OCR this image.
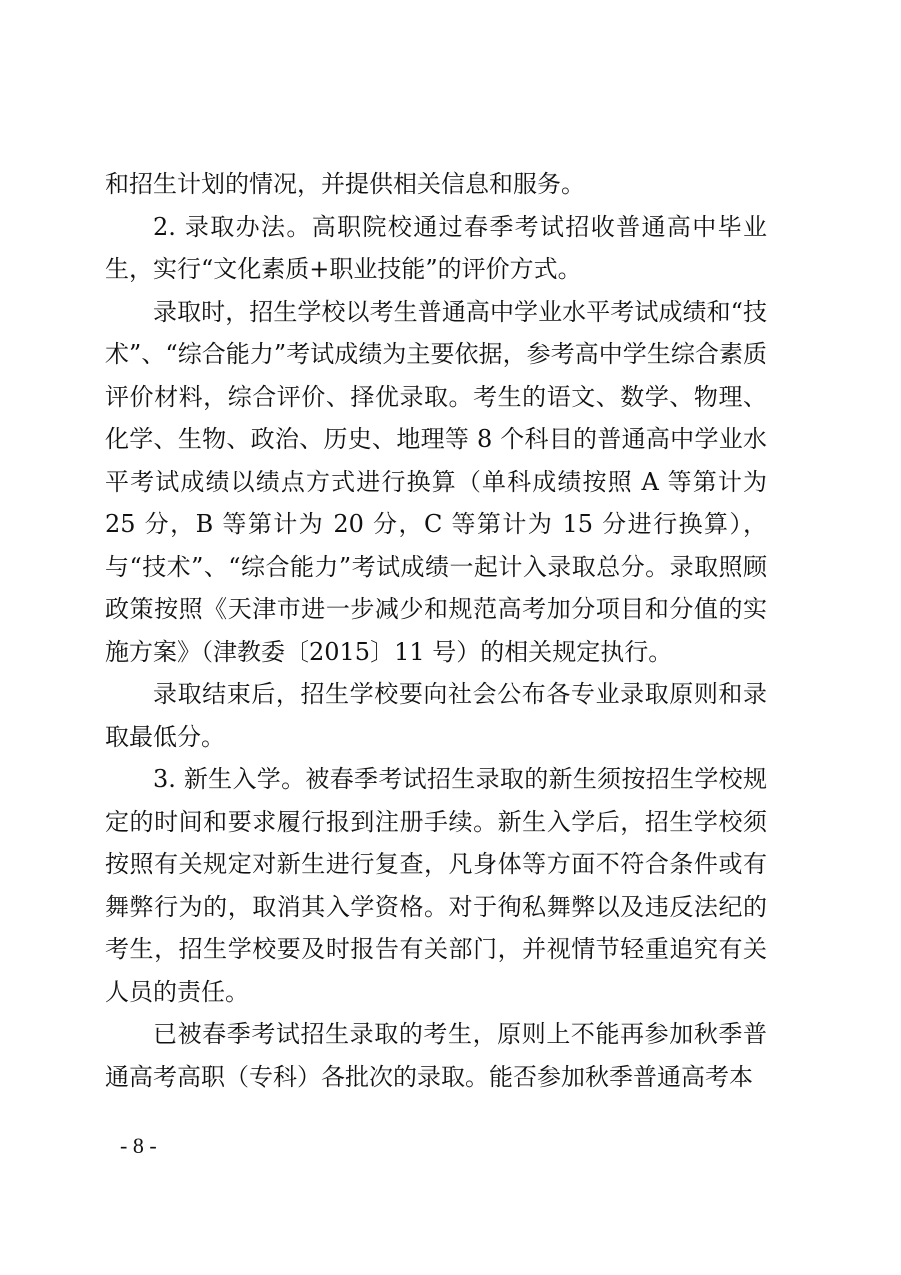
和招生计划的情况，并提供相关信息和服务。

2. 录取办法。高职院校通过春季考试招收普通高中毕业生，实行“文化素质+职业技能”的评价方式。

录取时，招生学校以考生普通高中学业水平考试成绩和“技术”、“综合能力”考试成绩为主要依据，参考高中学生综合素质评价材料，综合评价、择优录取。考生的语文、数学、物理、化学、生物、政治、历史、地理等 8 个科目的普通高中学业水平考试成绩以绩点方式进行换算（单科成绩按照 A 等第计为 25 分，B 等第计为 20 分，C 等第计为 15 分进行换算），与“技术”、“综合能力”考试成绩一起计入录取总分。录取照顾政策按照《天津市进一步减少和规范高考加分项目和分值的实施方案》（津教委〔2015〕11 号）的相关规定执行。

录取结束后，招生学校要向社会公布各专业录取原则和录取最低分。

3. 新生入学。被春季考试招生录取的新生须按招生学校规定的时间和要求履行报到注册手续。新生入学后，招生学校须按照有关规定对新生进行复查，凡身体等方面不符合条件或有舞弊行为的，取消其入学资格。对于徇私舞弊以及违反法纪的考生，招生学校要及时报告有关部门，并视情节轻重追究有关人员的责任。

已被春季考试招生录取的考生，原则上不能再参加秋季普通高考高职（专科）各批次的录取。能否参加秋季普通高考本

- 8 -
